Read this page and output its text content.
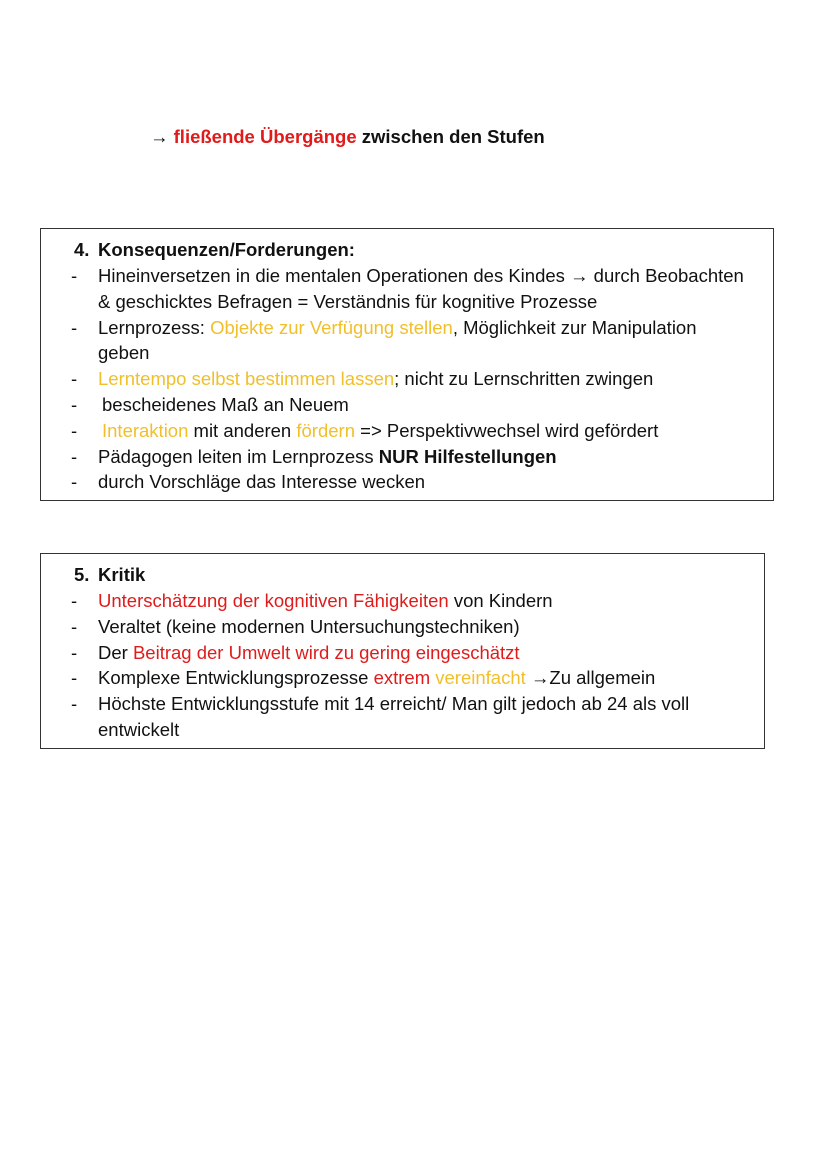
→ fließende Übergänge zwischen den Stufen
4. Konsequenzen/Forderungen:
- Hineinversetzen in die mentalen Operationen des Kindes → durch Beobachten & geschicktes Befragen = Verständnis für kognitive Prozesse
- Lernprozess: Objekte zur Verfügung stellen, Möglichkeit zur Manipulation geben
- Lerntempo selbst bestimmen lassen; nicht zu Lernschritten zwingen
- bescheidenes Maß an Neuem
- Interaktion mit anderen fördern => Perspektivwechsel wird gefördert
- Pädagogen leiten im Lernprozess NUR Hilfestellungen
- durch Vorschläge das Interesse wecken
5. Kritik
- Unterschätzung der kognitiven Fähigkeiten von Kindern
- Veraltet (keine modernen Untersuchungstechniken)
- Der Beitrag der Umwelt wird zu gering eingeschätzt
- Komplexe Entwicklungsprozesse extrem vereinfacht →Zu allgemein
- Höchste Entwicklungsstufe mit 14 erreicht/ Man gilt jedoch ab 24 als voll entwickelt
